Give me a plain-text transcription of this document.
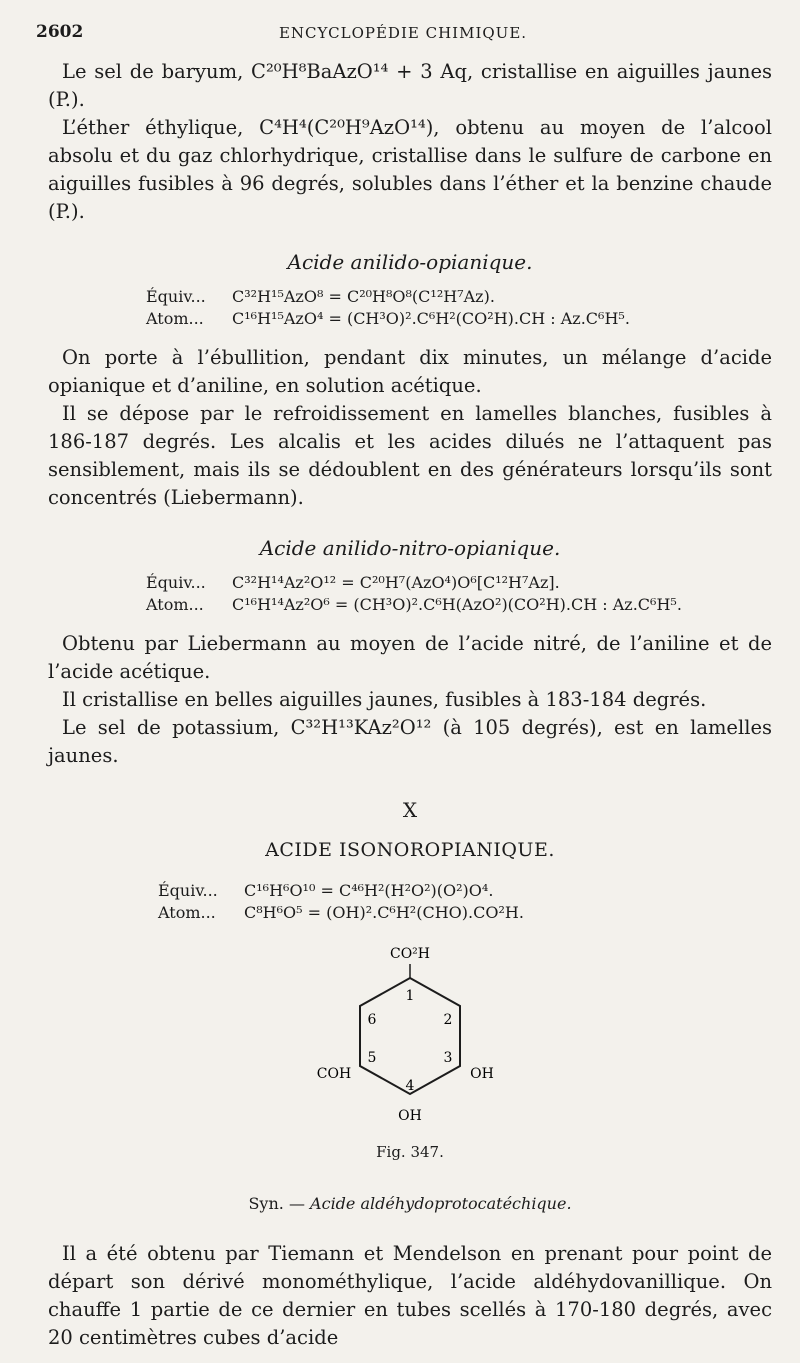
2602	ENCYCLOPÉDIE CHIMIQUE.

Le sel de baryum, C²⁰H⁸BaAzO¹⁴ + 3 Aq, cristallise en aiguilles jaunes (P.).

L’éther éthylique, C⁴H⁴(C²⁰H⁹AzO¹⁴), obtenu au moyen de l’alcool absolu et du gaz chlorhydrique, cristallise dans le sulfure de carbone en aiguilles fusibles à 96 degrés, solubles dans l’éther et la benzine chaude (P.).

Acide anilido-opianique.
Équiv...	C³²H¹⁵AzO⁸ = C²⁰H⁸O⁸(C¹²H⁷Az).
Atom...	C¹⁶H¹⁵AzO⁴ = (CH³O)².C⁶H²(CO²H).CH : Az.C⁶H⁵.

On porte à l’ébullition, pendant dix minutes, un mélange d’acide opianique et d’aniline, en solution acétique.

Il se dépose par le refroidissement en lamelles blanches, fusibles à 186-187 degrés. Les alcalis et les acides dilués ne l’attaquent pas sensiblement, mais ils se dédoublent en des générateurs lorsqu’ils sont concentrés (Liebermann).

Acide anilido-nitro-opianique.
Équiv...	C³²H¹⁴Az²O¹² = C²⁰H⁷(AzO⁴)O⁶[C¹²H⁷Az].
Atom...	C¹⁶H¹⁴Az²O⁶ = (CH³O)².C⁶H(AzO²)(CO²H).CH : Az.C⁶H⁵.

Obtenu par Liebermann au moyen de l’acide nitré, de l’aniline et de l’acide acétique.

Il cristallise en belles aiguilles jaunes, fusibles à 183-184 degrés.

Le sel de potassium, C³²H¹³KAz²O¹² (à 105 degrés), est en lamelles jaunes.

X
ACIDE ISONOROPIANIQUE.
Équiv...	C¹⁶H⁶O¹⁰ = C⁴⁶H²(H²O²)(O²)O⁴.
Atom...	C⁸H⁶O⁵ = (OH)².C⁶H²(CHO).CO²H.
CO²H
COH	OH
OH
1
2
3
4
5
6
Fig. 347.
Syn. — Acide aldéhydoprotocatéchique.

Il a été obtenu par Tiemann et Mendelson en prenant pour point de départ son dérivé monométhylique, l’acide aldéhydovanillique. On chauffe 1 partie de ce dernier en tubes scellés à 170-180 degrés, avec 20 centimètres cubes d’acide
